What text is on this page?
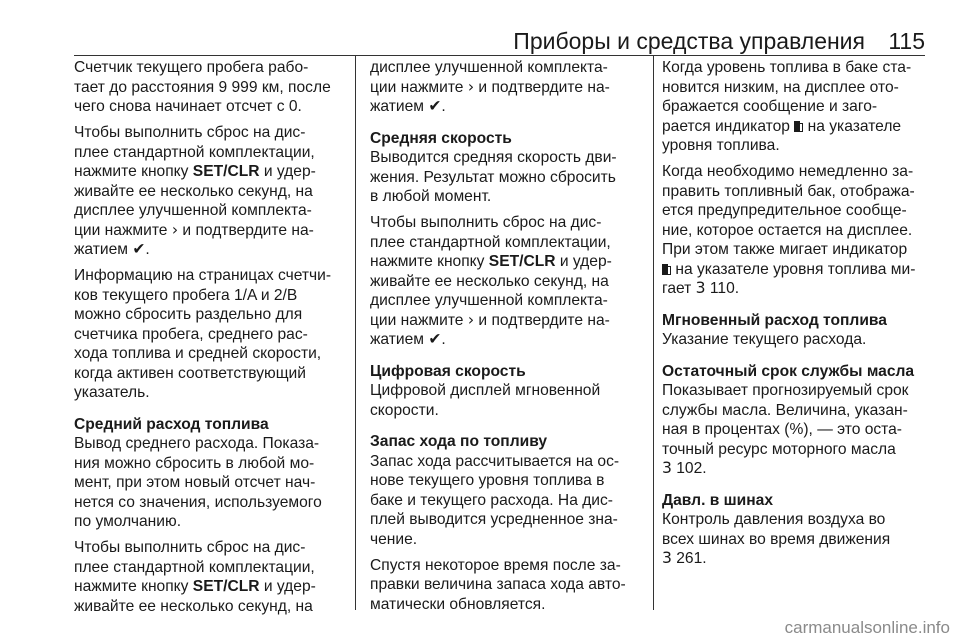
Приборы и средства управления 115

Счетчик текущего пробега рабо-
тает до расстояния 9 999 км, после
чего снова начинает отсчет с 0.

Чтобы выполнить сброс на дис-
плее стандартной комплектации,
нажмите кнопку SET/CLR и удер-
живайте ее несколько секунд, на
дисплее улучшенной комплекта-
ции нажмите › и подтвердите на-
жатием ✔.

Информацию на страницах счетчи-
ков текущего пробега 1/A и 2/B
можно сбросить раздельно для
счетчика пробега, среднего рас-
хода топлива и средней скорости,
когда активен соответствующий
указатель.

Средний расход топлива

Вывод среднего расхода. Показа-
ния можно сбросить в любой мо-
мент, при этом новый отсчет нач-
нется со значения, используемого
по умолчанию.

Чтобы выполнить сброс на дис-
плее стандартной комплектации,
нажмите кнопку SET/CLR и удер-
живайте ее несколько секунд, на

дисплее улучшенной комплекта-
ции нажмите › и подтвердите на-
жатием ✔.

Средняя скорость

Выводится средняя скорость дви-
жения. Результат можно сбросить
в любой момент.

Чтобы выполнить сброс на дис-
плее стандартной комплектации,
нажмите кнопку SET/CLR и удер-
живайте ее несколько секунд, на
дисплее улучшенной комплекта-
ции нажмите › и подтвердите на-
жатием ✔.

Цифровая скорость

Цифровой дисплей мгновенной
скорости.

Запас хода по топливу

Запас хода рассчитывается на ос-
нове текущего уровня топлива в
баке и текущего расхода. На дис-
плей выводится усредненное зна-
чение.

Спустя некоторое время после за-
правки величина запаса хода авто-
матически обновляется.

Когда уровень топлива в баке ста-
новится низким, на дисплее ото-
бражается сообщение и заго-
рается индикатор  на указателе
уровня топлива.

Когда необходимо немедленно за-
править топливный бак, отобража-
ется предупредительное сообще-
ние, которое остается на дисплее.
При этом также мигает индикатор
на указателе уровня топлива ми-
гает 3 110.

Мгновенный расход топлива

Указание текущего расхода.

Остаточный срок службы масла

Показывает прогнозируемый срок
службы масла. Величина, указан-
ная в процентах (%), — это оста-
точный ресурс моторного масла
3 102.

Давл. в шинах

Контроль давления воздуха во
всех шинах во время движения
3 261.

carmanualsonline.info
